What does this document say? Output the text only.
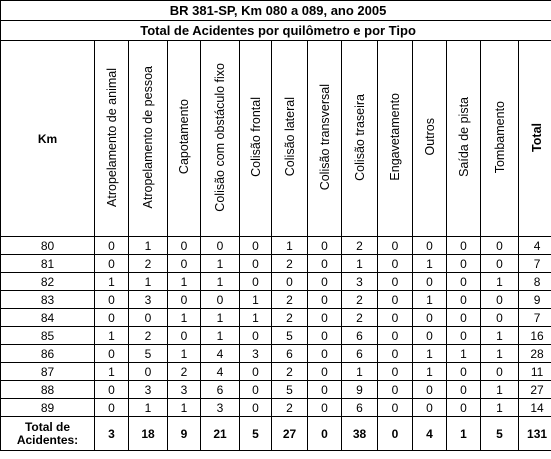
BR 381-SP, Km 080 a 089, ano 2005													
Total de Acidentes por quilômetro e por Tipo													
Km	Atropelamento de animal	Atropelamento de pessoa	Capotamento	Colisão com obstáculo fixo	Colisão frontal	Colisão lateral	Colisão transversal	Colisão traseira	Engavetamento	Outros	Saída de pista	Tombamento	Total
80	0	1	0	0	0	1	0	2	0	0	0	0	4
81	0	2	0	1	0	2	0	1	0	1	0	0	7
82	1	1	1	1	0	0	0	3	0	0	0	1	8
83	0	3	0	0	1	2	0	2	0	1	0	0	9
84	0	0	1	1	1	2	0	2	0	0	0	0	7
85	1	2	0	1	0	5	0	6	0	0	0	1	16
86	0	5	1	4	3	6	0	6	0	1	1	1	28
87	1	0	2	4	0	2	0	1	0	1	0	0	11
88	0	3	3	6	0	5	0	9	0	0	0	1	27
89	0	1	1	3	0	2	0	6	0	0	0	1	14
Total de
Acidentes:	3	18	9	21	5	27	0	38	0	4	1	5	131
